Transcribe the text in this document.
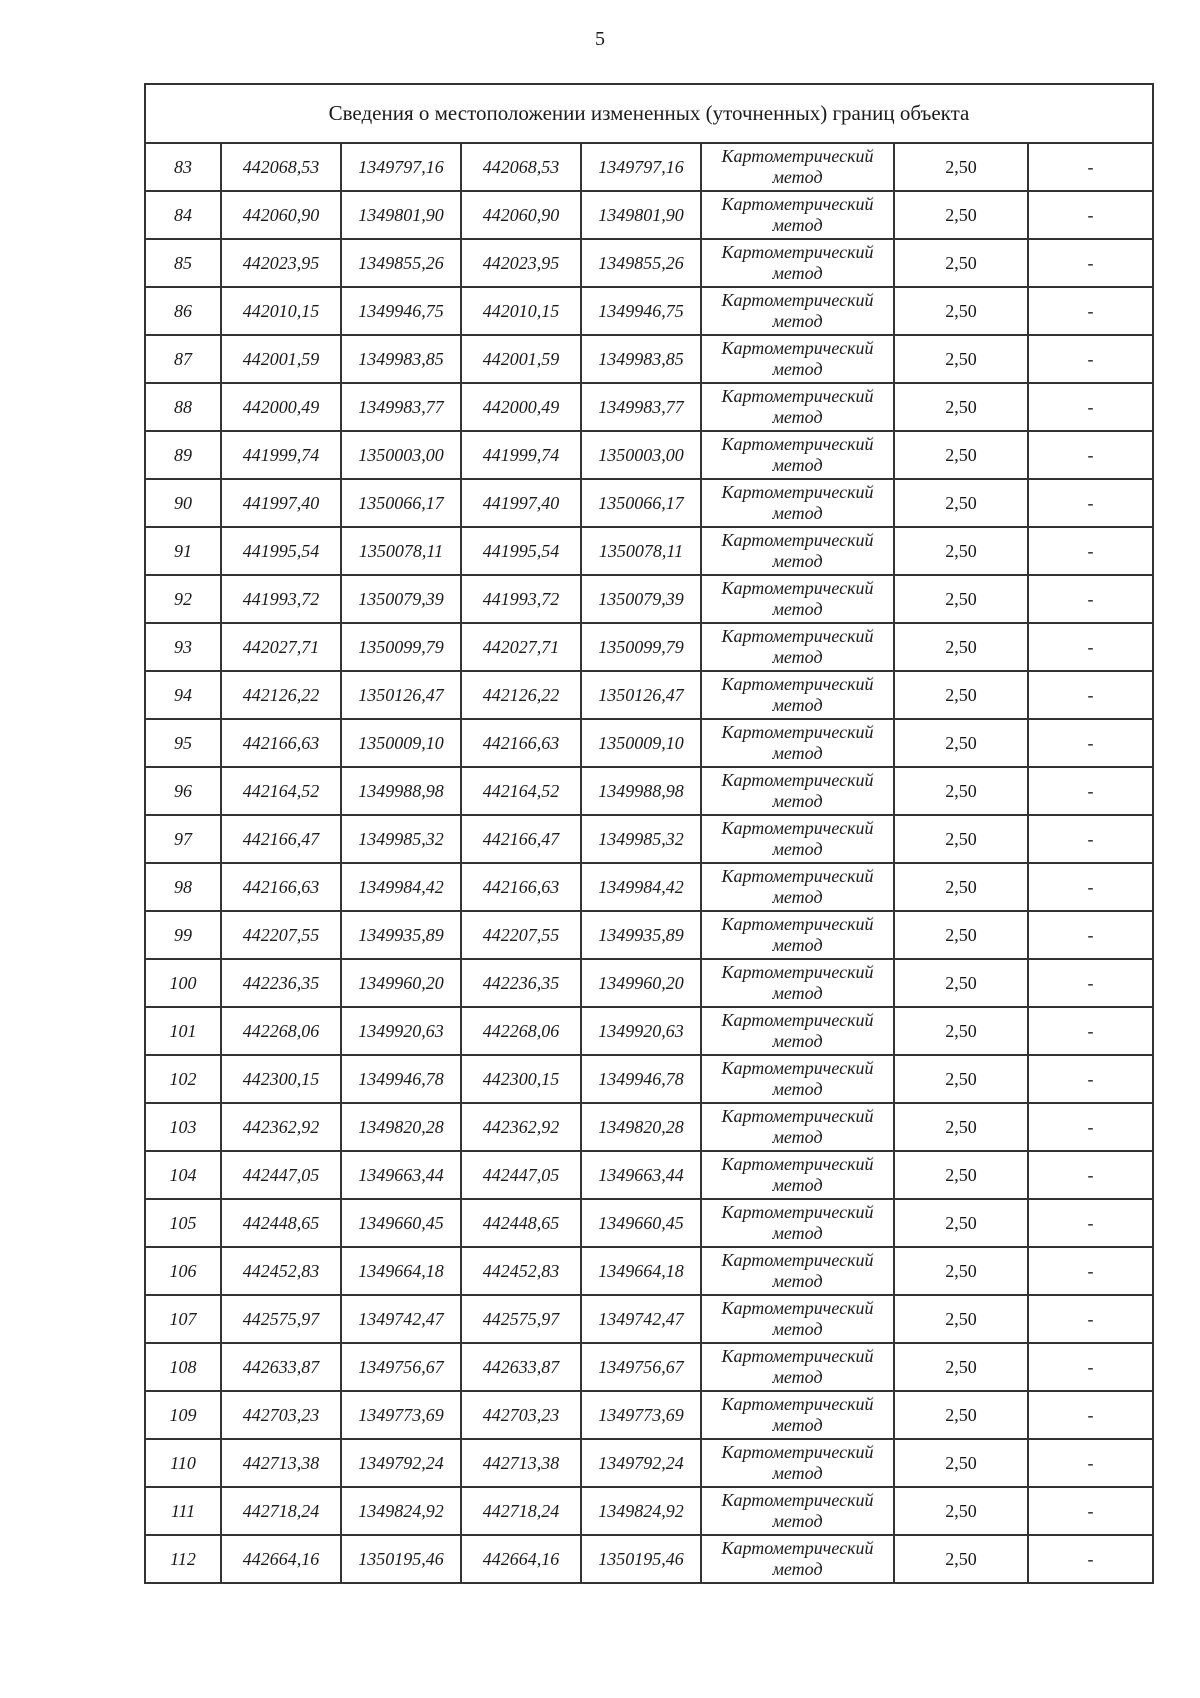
5
Сведения о местоположении измененных (уточненных) границ объекта							
83	442068,53	1349797,16	442068,53	1349797,16	Картометрический
метод	2,50	-
84	442060,90	1349801,90	442060,90	1349801,90	Картометрический
метод	2,50	-
85	442023,95	1349855,26	442023,95	1349855,26	Картометрический
метод	2,50	-
86	442010,15	1349946,75	442010,15	1349946,75	Картометрический
метод	2,50	-
87	442001,59	1349983,85	442001,59	1349983,85	Картометрический
метод	2,50	-
88	442000,49	1349983,77	442000,49	1349983,77	Картометрический
метод	2,50	-
89	441999,74	1350003,00	441999,74	1350003,00	Картометрический
метод	2,50	-
90	441997,40	1350066,17	441997,40	1350066,17	Картометрический
метод	2,50	-
91	441995,54	1350078,11	441995,54	1350078,11	Картометрический
метод	2,50	-
92	441993,72	1350079,39	441993,72	1350079,39	Картометрический
метод	2,50	-
93	442027,71	1350099,79	442027,71	1350099,79	Картометрический
метод	2,50	-
94	442126,22	1350126,47	442126,22	1350126,47	Картометрический
метод	2,50	-
95	442166,63	1350009,10	442166,63	1350009,10	Картометрический
метод	2,50	-
96	442164,52	1349988,98	442164,52	1349988,98	Картометрический
метод	2,50	-
97	442166,47	1349985,32	442166,47	1349985,32	Картометрический
метод	2,50	-
98	442166,63	1349984,42	442166,63	1349984,42	Картометрический
метод	2,50	-
99	442207,55	1349935,89	442207,55	1349935,89	Картометрический
метод	2,50	-
100	442236,35	1349960,20	442236,35	1349960,20	Картометрический
метод	2,50	-
101	442268,06	1349920,63	442268,06	1349920,63	Картометрический
метод	2,50	-
102	442300,15	1349946,78	442300,15	1349946,78	Картометрический
метод	2,50	-
103	442362,92	1349820,28	442362,92	1349820,28	Картометрический
метод	2,50	-
104	442447,05	1349663,44	442447,05	1349663,44	Картометрический
метод	2,50	-
105	442448,65	1349660,45	442448,65	1349660,45	Картометрический
метод	2,50	-
106	442452,83	1349664,18	442452,83	1349664,18	Картометрический
метод	2,50	-
107	442575,97	1349742,47	442575,97	1349742,47	Картометрический
метод	2,50	-
108	442633,87	1349756,67	442633,87	1349756,67	Картометрический
метод	2,50	-
109	442703,23	1349773,69	442703,23	1349773,69	Картометрический
метод	2,50	-
110	442713,38	1349792,24	442713,38	1349792,24	Картометрический
метод	2,50	-
111	442718,24	1349824,92	442718,24	1349824,92	Картометрический
метод	2,50	-
112	442664,16	1350195,46	442664,16	1350195,46	Картометрический
метод	2,50	-
